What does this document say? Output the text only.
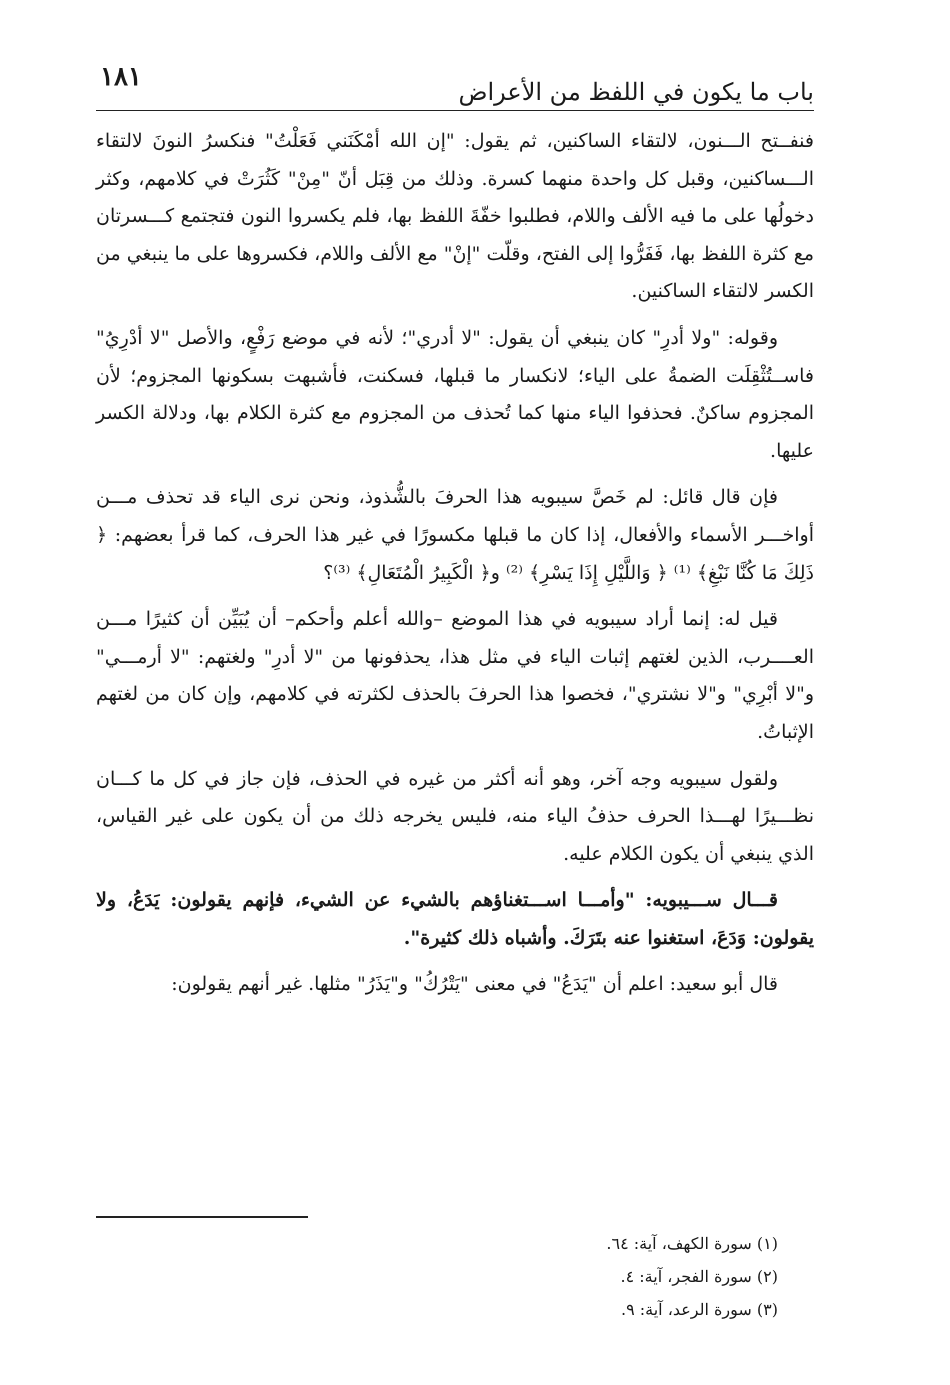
باب ما يكون في اللفظ من الأعراض
١٨١

فنفــتح الـــنون، لالتقاء الساكنين، ثم يقول: "إن الله أمْكَنَني فَعَلْتُ" فنكسرُ النونَ لالتقاء الـــساكنين، وقبل كل واحدة منهما كسرة. وذلك من قِبَل أنّ "مِنْ" كَثُرَتْ في كلامهم، وكثر دخولُها على ما فيه الألف واللام، فطلبوا خفّةَ اللفظ بها، فلم يكسروا النون فتجتمع كـــسرتان مع كثرة اللفظ بها، فَفَرُّوا إلى الفتح، وقلّت "إنْ" مع الألف واللام، فكسروها على ما ينبغي من الكسر لالتقاء الساكنين.

وقوله: "ولا أدرِ" كان ينبغي أن يقول: "لا أدري"؛ لأنه في موضع رَفْعٍ، والأصل "لا أدْرِيُ" فاســتُثْقِلَت الضمةُ على الياء؛ لانكسار ما قبلها، فسكنت، فأشبهت بسكونها المجزوم؛ لأن المجزوم ساكنٌ. فحذفوا الياء منها كما تُحذف من المجزوم مع كثرة الكلام بها، ودلالة الكسر عليها.

فإن قال قائل: لم خَصَّ سيبويه هذا الحرفَ بالشُّذوذ، ونحن نرى الياء قد تحذف مـــن أواخـــر الأسماء والأفعال، إذا كان ما قبلها مكسورًا في غير هذا الحرف، كما قرأ بعضهم: ﴿ ذَلِكَ مَا كُنَّا نَبْغِ﴾ ⁽¹⁾ ﴿ وَاللَّيْلِ إِذَا يَسْرِ﴾ ⁽²⁾ و﴿ الْكَبِيرُ الْمُتَعَالِ﴾ ⁽³⁾؟

قيل له: إنما أراد سيبويه في هذا الموضع –والله أعلم وأحكم– أن يُبَيِّن أن كثيرًا مـــن العــــرب، الذين لغتهم إثبات الياء في مثل هذا، يحذفونها من "لا أدرِ" ولغتهم: "لا أرمـــي" و"لا أبْرِي" و"لا نشتري"، فخصوا هذا الحرفَ بالحذف لكثرته في كلامهم، وإن كان من لغتهم الإثباتُ.

ولقول سيبويه وجه آخر، وهو أنه أكثر من غيره في الحذف، فإن جاز في كل ما كـــان نظـــيرًا لهـــذا الحرف حذفُ الياء منه، فليس يخرجه ذلك من أن يكون على غير القياس، الذي ينبغي أن يكون الكلام عليه.

قـــال ســـيبويه: "وأمـــا اســـتغناؤهم بالشيء عن الشيء، فإنهم يقولون: يَدَعُ، ولا يقولون: وَدَعَ، استغنوا عنه بتَرَكَ. وأشباه ذلك كثيرة".

قال أبو سعيد: اعلم أن "يَدَعُ" في معنى "يَتْرُكُ" و"يَذَرُ" مثلها. غير أنهم يقولون:

(١) سورة الكهف، آية: ٦٤.

(٢) سورة الفجر، آية: ٤.

(٣) سورة الرعد، آية: ٩.
